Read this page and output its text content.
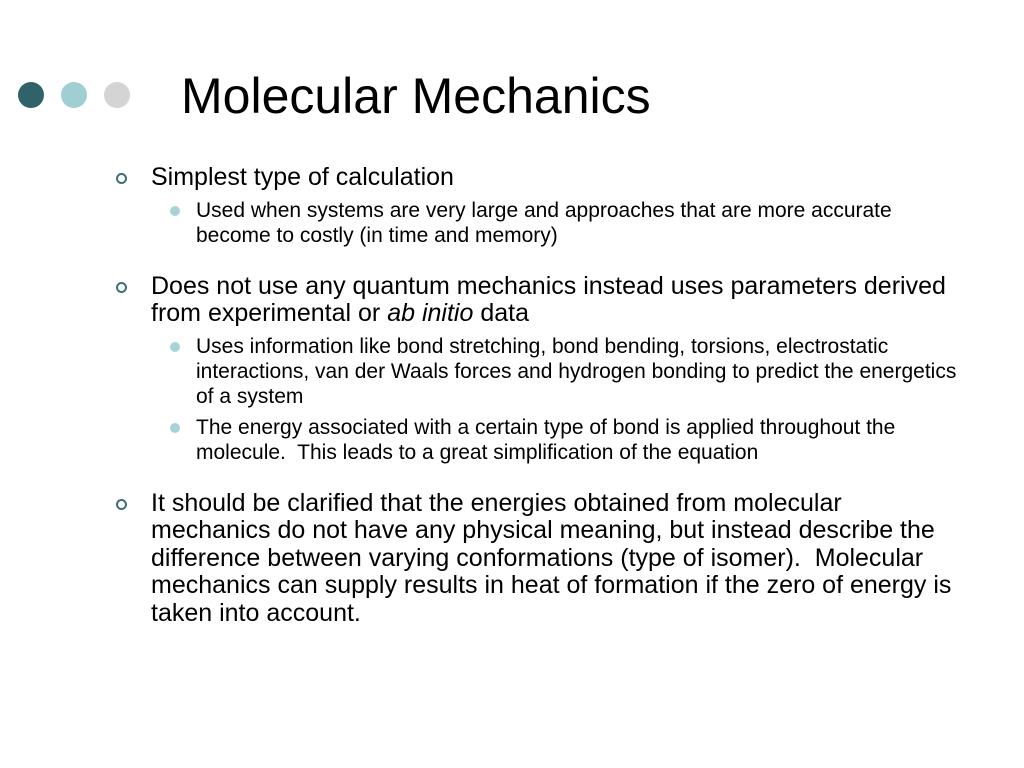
Molecular Mechanics
Simplest type of calculation
Used when systems are very large and approaches that are more accurate become to costly (in time and memory)
Does not use any quantum mechanics instead uses parameters derived from experimental or ab initio data
Uses information like bond stretching, bond bending, torsions, electrostatic interactions, van der Waals forces and hydrogen bonding to predict the energetics of a system
The energy associated with a certain type of bond is applied throughout the molecule.  This leads to a great simplification of the equation
It should be clarified that the energies obtained from molecular mechanics do not have any physical meaning, but instead describe the difference between varying conformations (type of isomer).  Molecular mechanics can supply results in heat of formation if the zero of energy is taken into account.
